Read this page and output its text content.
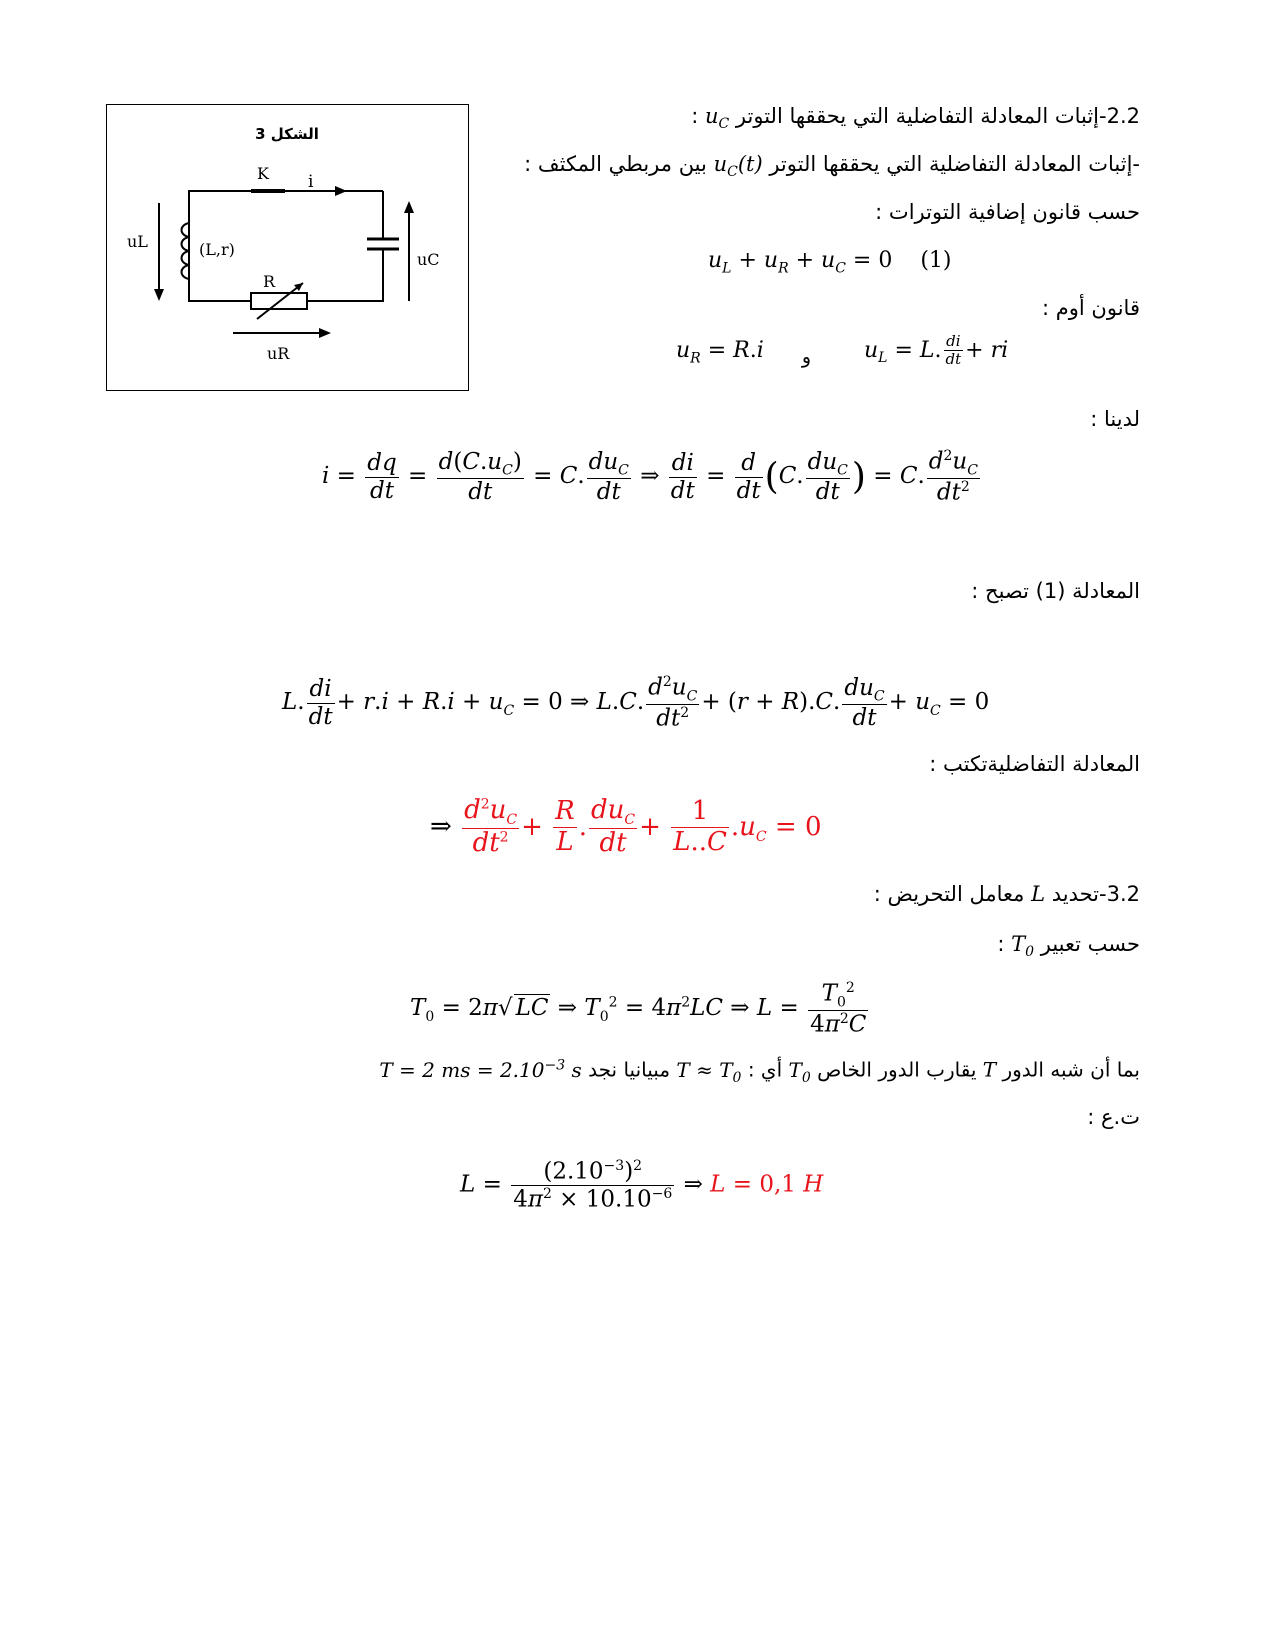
K i
R
(L,r)
uL
uC
uR
الشكل 3
2.2-إثبات المعادلة التفاضلية التي يحققها التوتر $u_C$ :
-إثبات المعادلة التفاضلية التي يحققها التوتر $u_C(t)$ بين مربطي المكثف :
حسب قانون إضافية التوترات :
$u_L + u_R + u_C = 0$    (1)
قانون أوم :
$u_R = R.i$ و $u_L = L$. $\frac{di}{dt}$ + ri
لدينا :
$i = \frac{dq}{dt} = \frac{d(C.u_C)}{dt} = C$. $\frac{du_C}{dt}$ ⇒ $\frac{di}{dt} = \frac{d}{dt} (C$. $\frac{du_C}{dt}$ ) = C. $\frac{d^2u_C}{dt^2}$
المعادلة (1) تصبح :
L. $\frac{di}{dt} + r.i + R.i + u_C = 0$ ⇒ L.C. $\frac{d^2u_C}{dt^2} + (r + R).C$. $\frac{du_C}{dt} + u_C = 0$
المعادلة التفاضليةتكتب :
⇒ $\frac{d^2u_C}{dt^2} + \frac{R}{L}$ . $\frac{du_C}{dt} + \frac{1}{L..C} .u_C = 0$
3.2-تحديد L معامل التحريض :
حسب تعبير $T_0$ :
$T_0 = 2\pi√$ LC ⇒ $T_0^2 = 4\pi^2LC$ ⇒ $L = \frac{T_0^2}{4\pi^2C}$
بما أن شبه الدور T يقارب الدور الخاص $T_0$ أي : $T \approx T_0$ مبيانيا نجد T = 2 ms = $2.10^{-3}$ s
ت.ع :
$L = \frac{(2.10^{-3})^2}{4\pi^2 \times 10.10^{-6}}$ ⇒ L = 0,1 H
